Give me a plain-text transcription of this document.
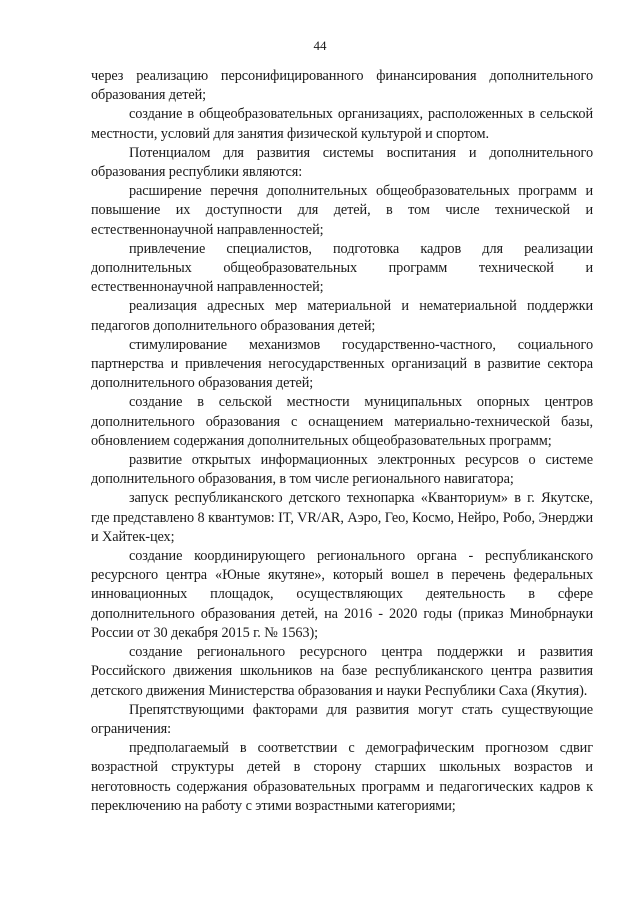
44

через реализацию персонифицированного финансирования дополнительного образования детей;

создание в общеобразовательных организациях, расположенных в сельской местности, условий для занятия физической культурой и спортом.

Потенциалом для развития системы воспитания и дополнительного образования республики являются:

расширение перечня дополнительных общеобразовательных программ и повышение их доступности для детей, в том числе технической и естественнонаучной направленностей;

привлечение специалистов, подготовка кадров для реализации дополнительных общеобразовательных программ технической и естественнонаучной направленностей;

реализация адресных мер материальной и нематериальной поддержки педагогов дополнительного образования детей;

стимулирование механизмов государственно-частного, социального партнерства и привлечения негосударственных организаций в развитие сектора дополнительного образования детей;

создание в сельской местности муниципальных опорных центров дополнительного образования с оснащением материально-технической базы, обновлением содержания дополнительных общеобразовательных программ;

развитие открытых информационных электронных ресурсов о системе дополнительного образования, в том числе регионального навигатора;

запуск республиканского детского технопарка «Кванториум» в г. Якутске, где представлено 8 квантумов: IT, VR/AR, Аэро, Гео, Космо, Нейро, Робо, Энерджи и Хайтек-цех;

создание координирующего регионального органа - республиканского ресурсного центра «Юные якутяне», который вошел в перечень федеральных инновационных площадок, осуществляющих деятельность в сфере дополнительного образования детей, на 2016 - 2020 годы (приказ Минобрнауки России от 30 декабря 2015 г. № 1563);

создание регионального ресурсного центра поддержки и развития Российского движения школьников на базе республиканского центра развития детского движения Министерства образования и науки Республики Саха (Якутия).

Препятствующими факторами для развития могут стать существующие ограничения:

предполагаемый в соответствии с демографическим прогнозом сдвиг возрастной структуры детей в сторону старших школьных возрастов и неготовность содержания образовательных программ и педагогических кадров к переключению на работу с этими возрастными категориями;
